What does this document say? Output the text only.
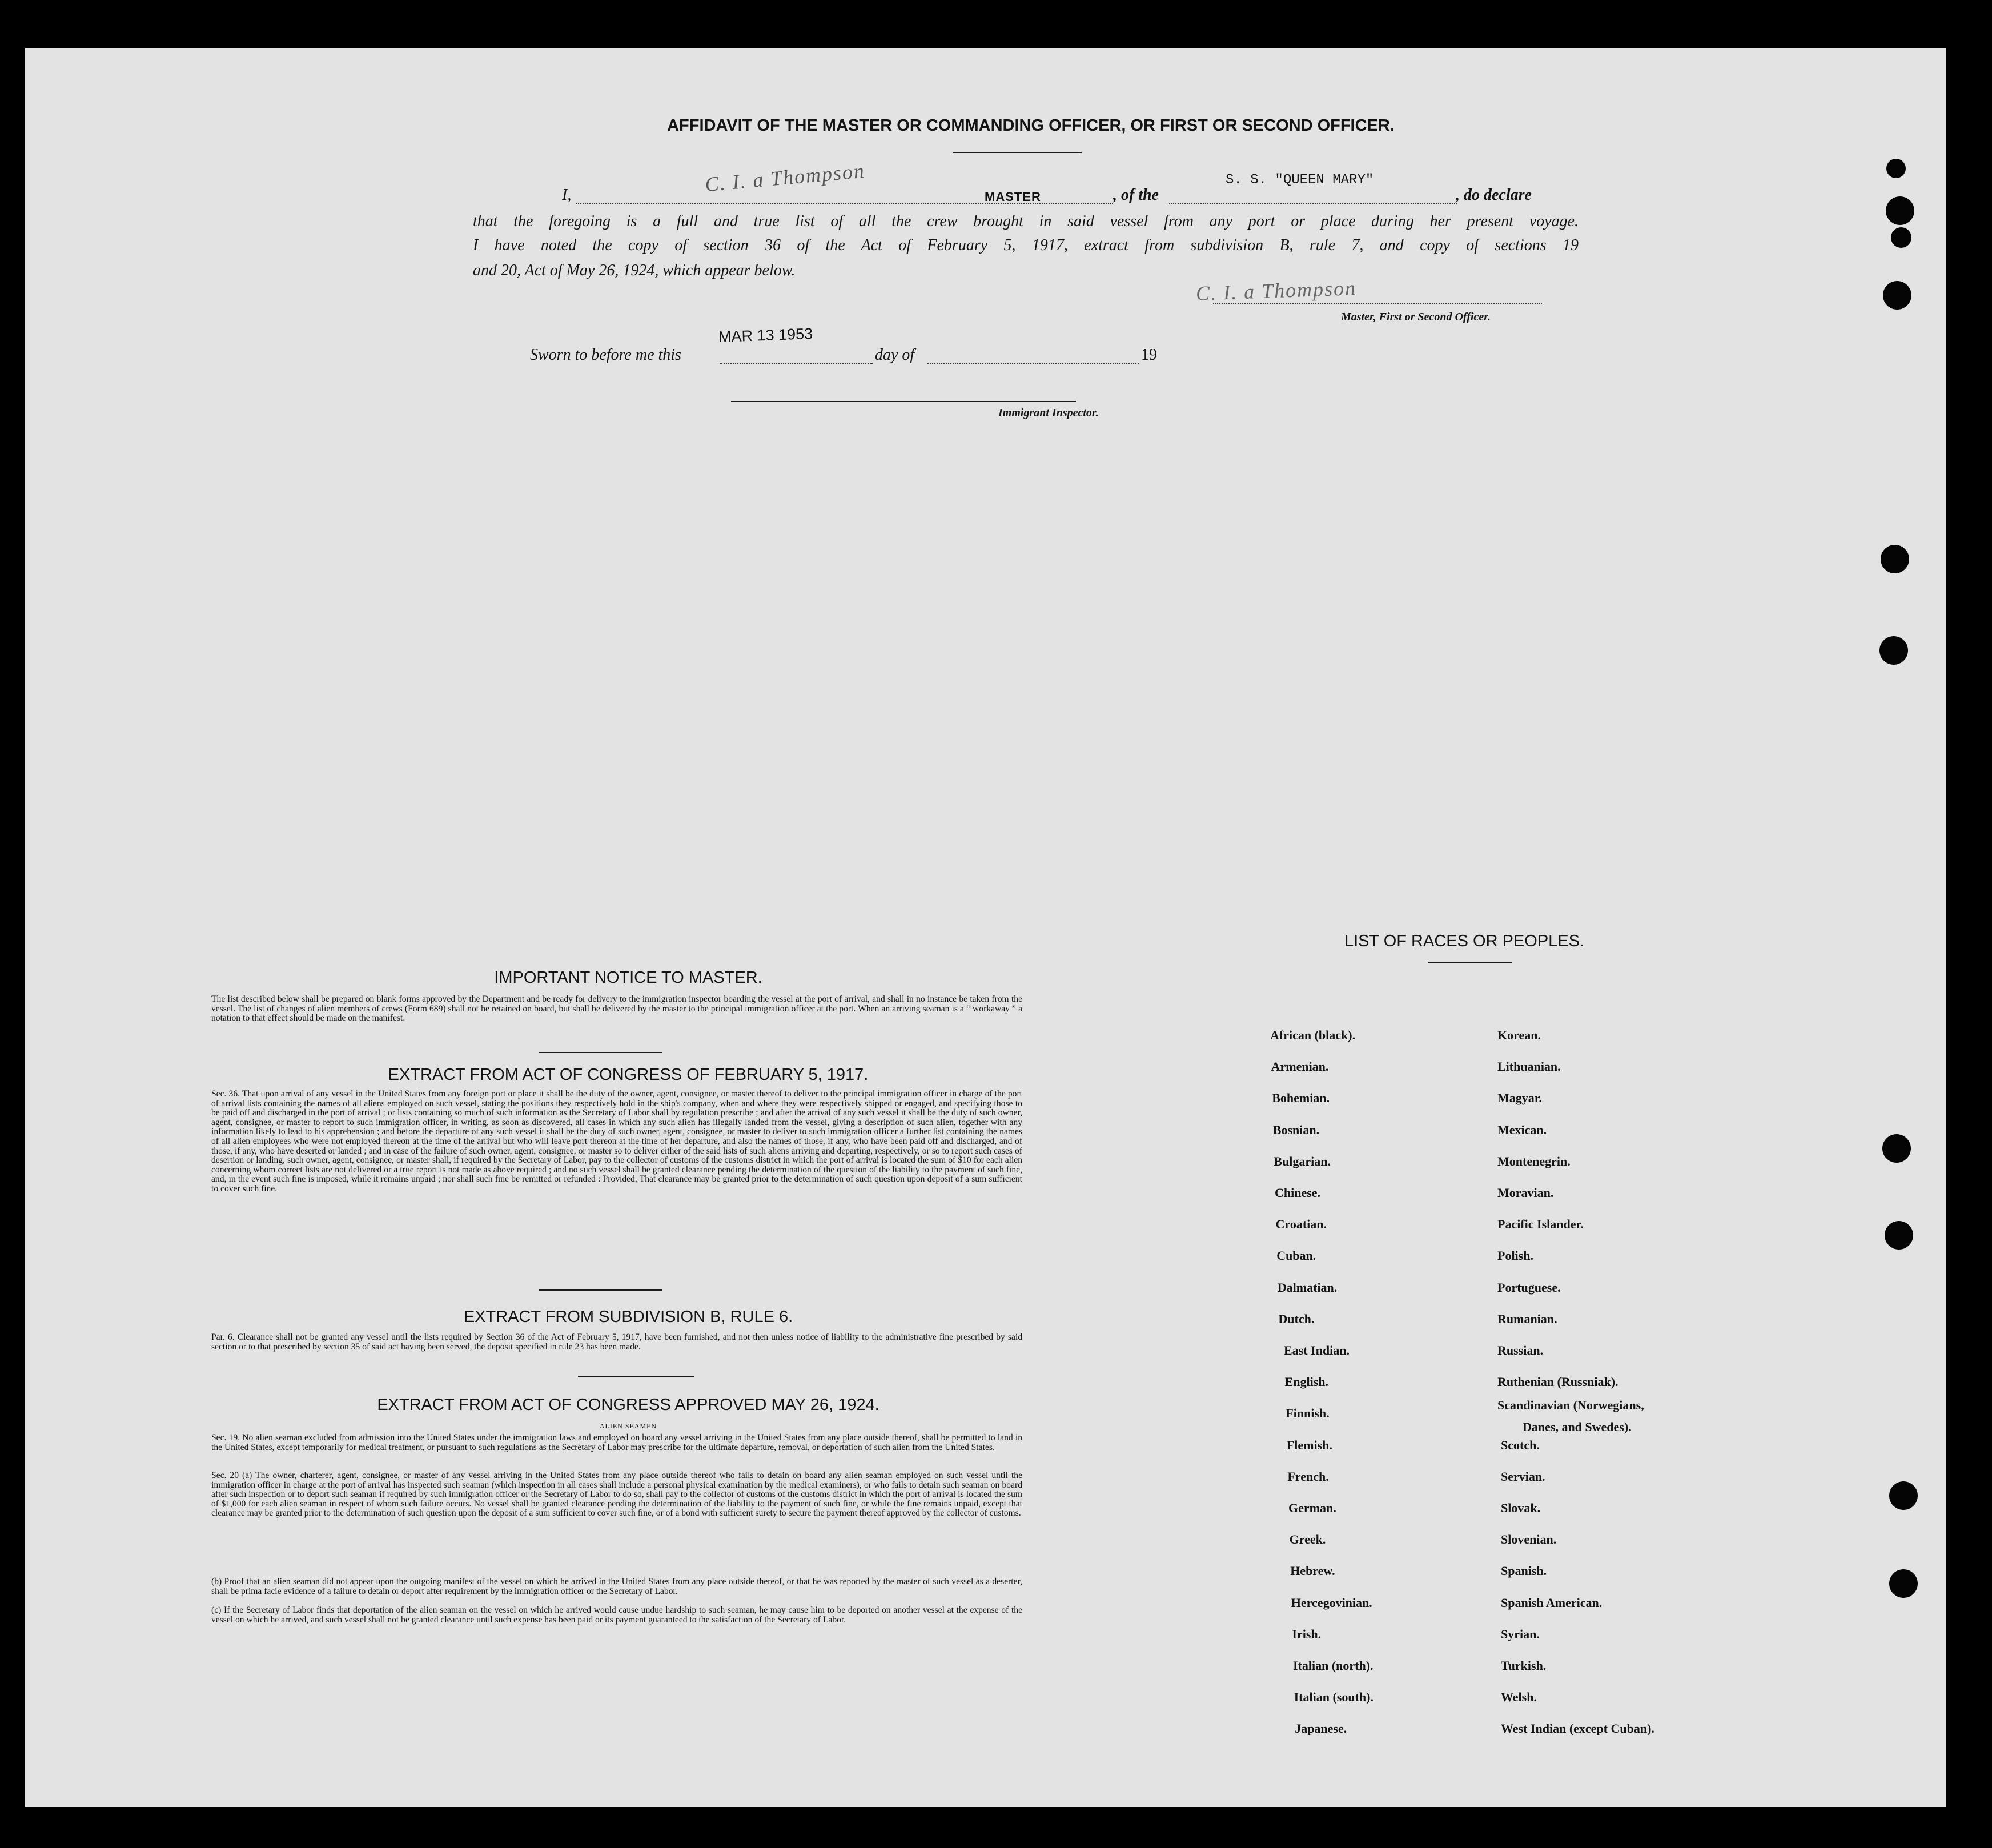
AFFIDAVIT OF THE MASTER OR COMMANDING OFFICER, OR FIRST OR SECOND OFFICER.
I,	C. I. a Thompson
MASTER	, of the
S. S. "QUEEN MARY"
, do declare
that the foregoing is a full and true list of all the crew brought in said vessel from any port or place during her present voyage.
I have noted the copy of section 36 of the Act of February 5, 1917, extract from subdivision B, rule 7, and copy of sections 19
and 20, Act of May 26, 1924, which appear below.
C. I. a Thompson
Master, First or Second Officer.
Sworn to before me this
MAR 13 1953
day of	19
Immigrant Inspector.
IMPORTANT NOTICE TO MASTER.
The list described below shall be prepared on blank forms approved by the Department and be ready for delivery to the immigration inspector boarding the vessel at the port of arrival, and shall in no instance be taken from the vessel. The list of changes of alien members of crews (Form 689) shall not be retained on board, but shall be delivered by the master to the principal immigration officer at the port. When an arriving seaman is a “ workaway ” a notation to that effect should be made on the manifest.
EXTRACT FROM ACT OF CONGRESS OF FEBRUARY 5, 1917.
Sec. 36. That upon arrival of any vessel in the United States from any foreign port or place it shall be the duty of the owner, agent, consignee, or master thereof to deliver to the principal immigration officer in charge of the port of arrival lists containing the names of all aliens employed on such vessel, stating the positions they respectively hold in the ship's company, when and where they were respectively shipped or engaged, and specifying those to be paid off and discharged in the port of arrival ; or lists containing so much of such information as the Secretary of Labor shall by regulation prescribe ; and after the arrival of any such vessel it shall be the duty of such owner, agent, consignee, or master to report to such immigration officer, in writing, as soon as discovered, all cases in which any such alien has illegally landed from the vessel, giving a description of such alien, together with any information likely to lead to his apprehension ; and before the departure of any such vessel it shall be the duty of such owner, agent, consignee, or master to deliver to such immigration officer a further list containing the names of all alien employees who were not employed thereon at the time of the arrival but who will leave port thereon at the time of her departure, and also the names of those, if any, who have been paid off and discharged, and of those, if any, who have deserted or landed ; and in case of the failure of such owner, agent, consignee, or master so to deliver either of the said lists of such aliens arriving and departing, respectively, or so to report such cases of desertion or landing, such owner, agent, consignee, or master shall, if required by the Secretary of Labor, pay to the collector of customs of the customs district in which the port of arrival is located the sum of $10 for each alien concerning whom correct lists are not delivered or a true report is not made as above required ; and no such vessel shall be granted clearance pending the determination of the question of the liability to the payment of such fine, and, in the event such fine is imposed, while it remains unpaid ; nor shall such fine be remitted or refunded : Provided, That clearance may be granted prior to the determination of such question upon deposit of a sum sufficient to cover such fine.
EXTRACT FROM SUBDIVISION B, RULE 6.
Par. 6. Clearance shall not be granted any vessel until the lists required by Section 36 of the Act of February 5, 1917, have been furnished, and not then unless notice of liability to the administrative fine prescribed by said section or to that prescribed by section 35 of said act having been served, the deposit specified in rule 23 has been made.
EXTRACT FROM ACT OF CONGRESS APPROVED MAY 26, 1924.
ALIEN SEAMEN
Sec. 19. No alien seaman excluded from admission into the United States under the immigration laws and employed on board any vessel arriving in the United States from any place outside thereof, shall be permitted to land in the United States, except temporarily for medical treatment, or pursuant to such regulations as the Secretary of Labor may prescribe for the ultimate departure, removal, or deportation of such alien from the United States.
Sec. 20 (a) The owner, charterer, agent, consignee, or master of any vessel arriving in the United States from any place outside thereof who fails to detain on board any alien seaman employed on such vessel until the immigration officer in charge at the port of arrival has inspected such seaman (which inspection in all cases shall include a personal physical examination by the medical examiners), or who fails to detain such seaman on board after such inspection or to deport such seaman if required by such immigration officer or the Secretary of Labor to do so, shall pay to the collector of customs of the customs district in which the port of arrival is located the sum of $1,000 for each alien seaman in respect of whom such failure occurs. No vessel shall be granted clearance pending the determination of the liability to the payment of such fine, or while the fine remains unpaid, except that clearance may be granted prior to the determination of such question upon the deposit of a sum sufficient to cover such fine, or of a bond with sufficient surety to secure the payment thereof approved by the collector of customs.
(b) Proof that an alien seaman did not appear upon the outgoing manifest of the vessel on which he arrived in the United States from any place outside thereof, or that he was reported by the master of such vessel as a deserter, shall be prima facie evidence of a failure to detain or deport after requirement by the immigration officer or the Secretary of Labor.
(c) If the Secretary of Labor finds that deportation of the alien seaman on the vessel on which he arrived would cause undue hardship to such seaman, he may cause him to be deported on another vessel at the expense of the vessel on which he arrived, and such vessel shall not be granted clearance until such expense has been paid or its payment guaranteed to the satisfaction of the Secretary of Labor.
LIST OF RACES OR PEOPLES.
African (black).
Armenian.
Bohemian.
Bosnian.
Bulgarian.
Chinese.
Croatian.
Cuban.
Dalmatian.
Dutch.
East Indian.
English.
Finnish.
Flemish.
French.
German.
Greek.
Hebrew.
Hercegovinian.
Irish.
Italian (north).
Italian (south).
Japanese.
Korean.
Lithuanian.
Magyar.
Mexican.
Montenegrin.
Moravian.
Pacific Islander.
Polish.
Portuguese.
Rumanian.
Russian.
Ruthenian (Russniak).
Scandinavian (Norwegians,
Danes, and Swedes).
Scotch.
Servian.
Slovak.
Slovenian.
Spanish.
Spanish American.
Syrian.
Turkish.
Welsh.
West Indian (except Cuban).
